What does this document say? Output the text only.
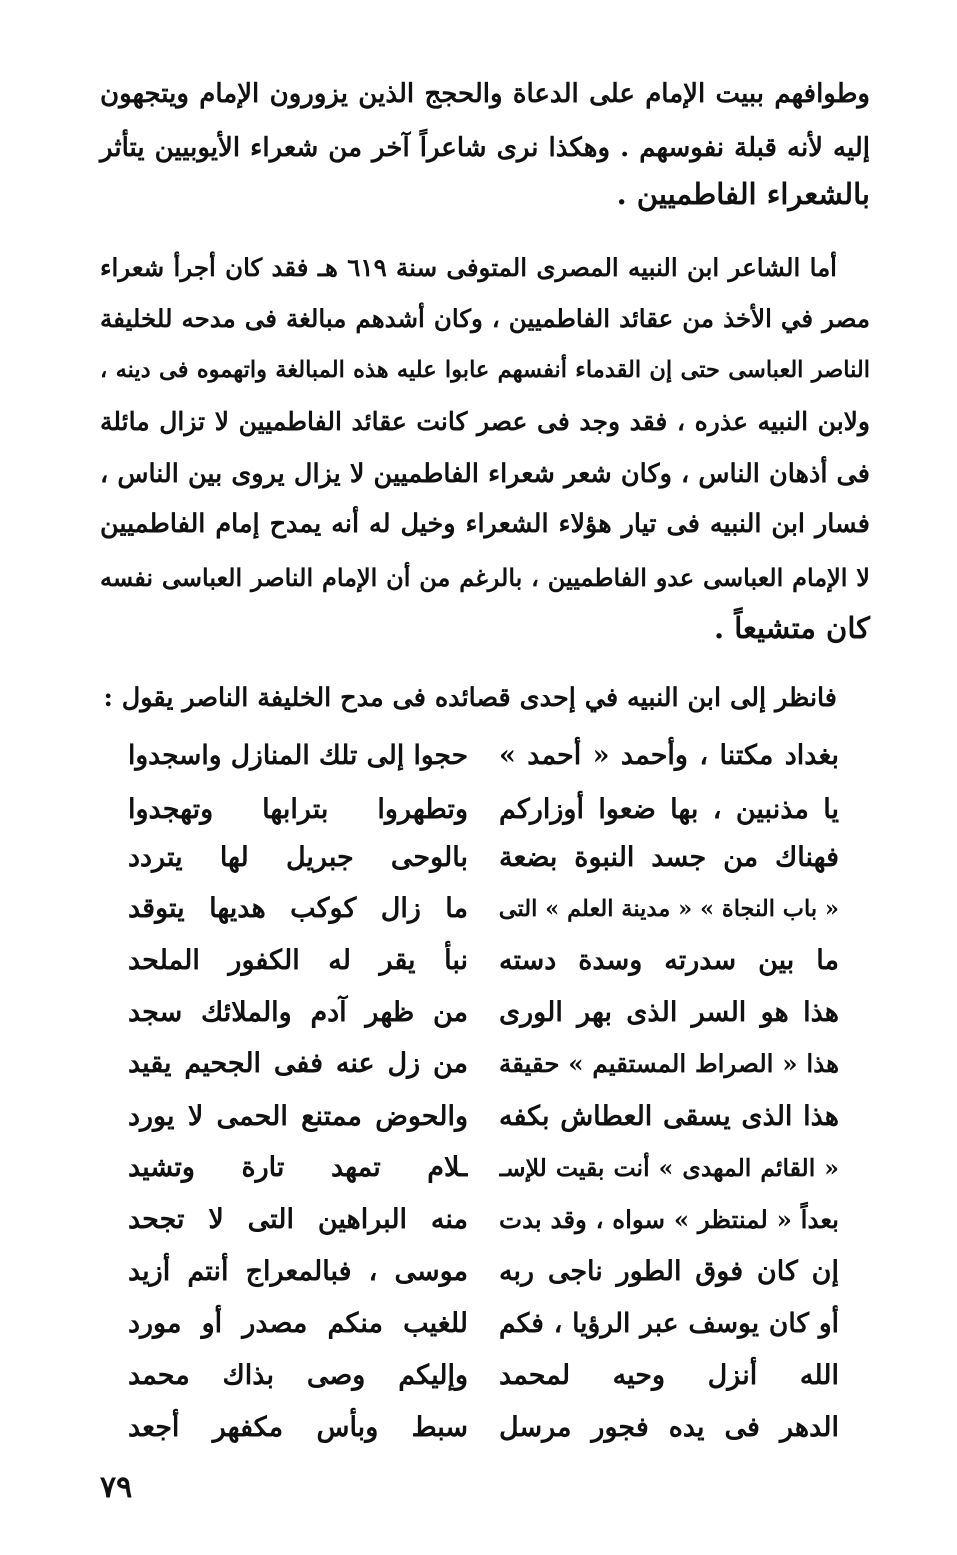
وطوافهم ببيت الإمام على الدعاة والحجج الذين يزورون الإمام ويتجهون
إليه لأنه قبلة نفوسهم . وهكذا نرى شاعراً آخر من شعراء الأيوبيين يتأثر
بالشعراء الفاطميين .
أما الشاعر ابن النبيه المصرى المتوفى سنة ٦١٩ هـ فقد كان أجرأ شعراء
مصر في الأخذ من عقائد الفاطميين ، وكان أشدهم مبالغة فى مدحه للخليفة
الناصر العباسى حتى إن القدماء أنفسهم عابوا عليه هذه المبالغة واتهموه فى دينه ،
ولابن النبيه عذره ، فقد وجد فى عصر كانت عقائد الفاطميين لا تزال مائلة
فى أذهان الناس ، وكان شعر شعراء الفاطميين لا يزال يروى بين الناس ،
فسار ابن النبيه فى تيار هؤلاء الشعراء وخيل له أنه يمدح إمام الفاطميين
لا الإمام العباسى عدو الفاطميين ، بالرغم من أن الإمام الناصر العباسى نفسه
كان متشيعاً .
فانظر إلى ابن النبيه في إحدى قصائده فى مدح الخليفة الناصر يقول :
بغداد مكتنا ، وأحمد « أحمد »
حجوا إلى تلك المنازل واسجدوا
يا مذنبين ، بها ضعوا أوزاركم
وتطهروا بترابها وتهجدوا
فهناك من جسد النبوة بضعة
بالوحى جبريل لها يتردد
« باب النجاة » « مدينة العلم » التى
ما زال كوكب هديها يتوقد
ما بين سدرته وسدة دسته
نبأ يقر له الكفور الملحد
هذا هو السر الذى بهر الورى
من ظهر آدم والملائك سجد
هذا « الصراط المستقيم » حقيقة
من زل عنه ففى الجحيم يقيد
هذا الذى يسقى العطاش بكفه
والحوض ممتنع الحمى لا يورد
« القائم المهدى » أنت بقيت للإسـ
ـلام تمهد تارة وتشيد
بعداً « لمنتظر » سواه ، وقد بدت
منه البراهين التى لا تجحد
إن كان فوق الطور ناجى ربه
موسى ، فبالمعراج أنتم أزيد
أو كان يوسف عبر الرؤيا ، فكم
للغيب منكم مصدر أو مورد
الله أنزل وحيه لمحمد
وإليكم وصى بذاك محمد
الدهر فى يده فجور مرسل
سبط وبأس مكفهر أجعد
٧٩
